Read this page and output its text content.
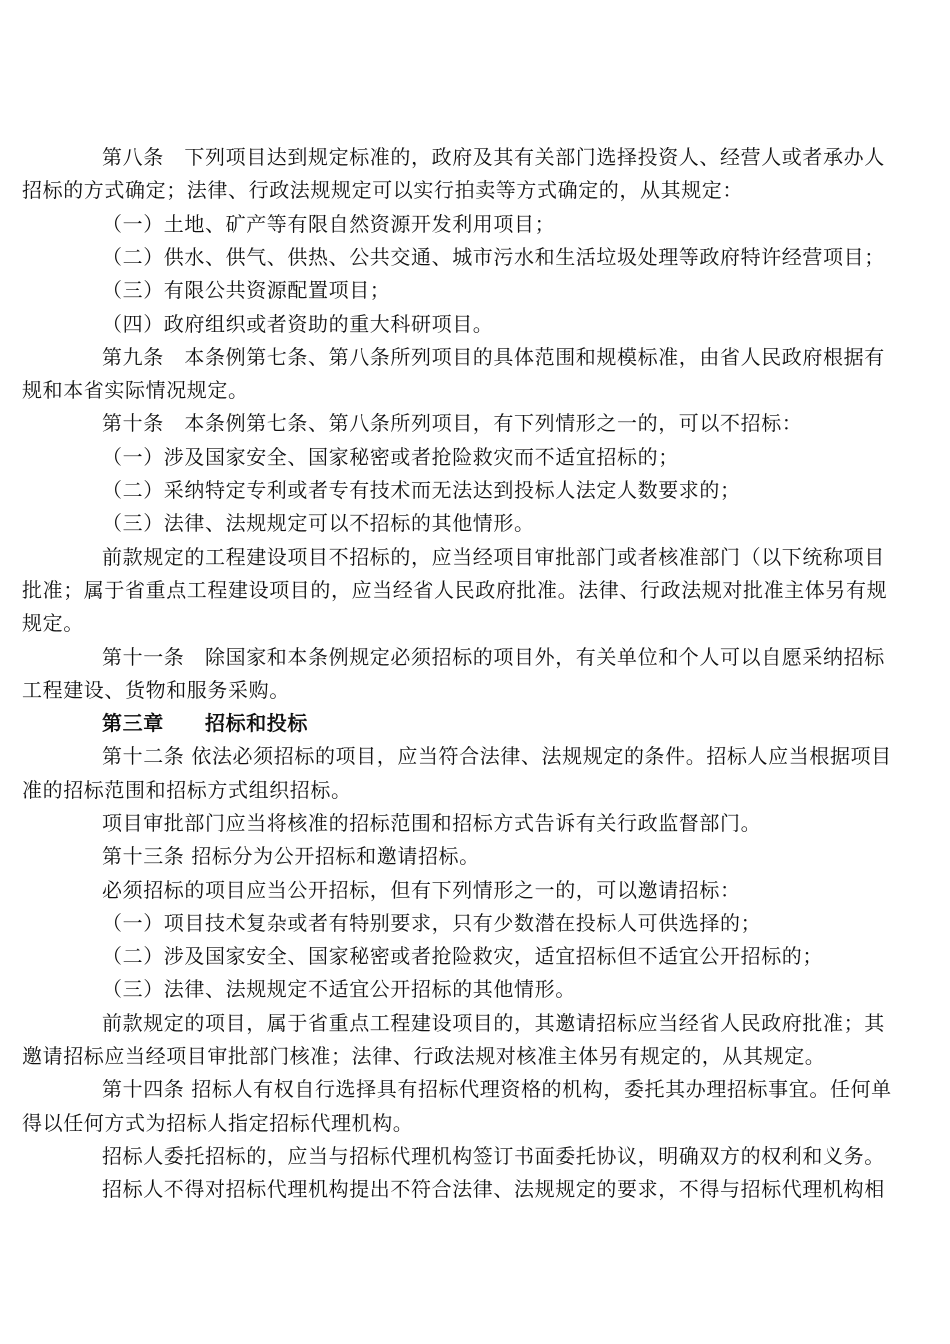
第八条　下列项目达到规定标准的，政府及其有关部门选择投资人、经营人或者承办人
招标的方式确定；法律、行政法规规定可以实行拍卖等方式确定的，从其规定：
（一）土地、矿产等有限自然资源开发利用项目；
（二）供水、供气、供热、公共交通、城市污水和生活垃圾处理等政府特许经营项目；
（三）有限公共资源配置项目；
（四）政府组织或者资助的重大科研项目。
第九条　本条例第七条、第八条所列项目的具体范围和规模标准，由省人民政府根据有
规和本省实际情况规定。
第十条　本条例第七条、第八条所列项目，有下列情形之一的，可以不招标：
（一）涉及国家安全、国家秘密或者抢险救灾而不适宜招标的；
（二）采纳特定专利或者专有技术而无法达到投标人法定人数要求的；
（三）法律、法规规定可以不招标的其他情形。
前款规定的工程建设项目不招标的，应当经项目审批部门或者核准部门（以下统称项目
批准；属于省重点工程建设项目的，应当经省人民政府批准。法律、行政法规对批准主体另有规
规定。
第十一条　除国家和本条例规定必须招标的项目外，有关单位和个人可以自愿采纳招标
工程建设、货物和服务采购。
第三章　　招标和投标
第十二条 依法必须招标的项目，应当符合法律、法规规定的条件。招标人应当根据项目
准的招标范围和招标方式组织招标。
项目审批部门应当将核准的招标范围和招标方式告诉有关行政监督部门。
第十三条 招标分为公开招标和邀请招标。
必须招标的项目应当公开招标，但有下列情形之一的，可以邀请招标：
（一）项目技术复杂或者有特别要求，只有少数潜在投标人可供选择的；
（二）涉及国家安全、国家秘密或者抢险救灾，适宜招标但不适宜公开招标的；
（三）法律、法规规定不适宜公开招标的其他情形。
前款规定的项目，属于省重点工程建设项目的，其邀请招标应当经省人民政府批准；其
邀请招标应当经项目审批部门核准；法律、行政法规对核准主体另有规定的，从其规定。
第十四条 招标人有权自行选择具有招标代理资格的机构，委托其办理招标事宜。任何单
得以任何方式为招标人指定招标代理机构。
招标人委托招标的，应当与招标代理机构签订书面委托协议，明确双方的权利和义务。
招标人不得对招标代理机构提出不符合法律、法规规定的要求，不得与招标代理机构相
